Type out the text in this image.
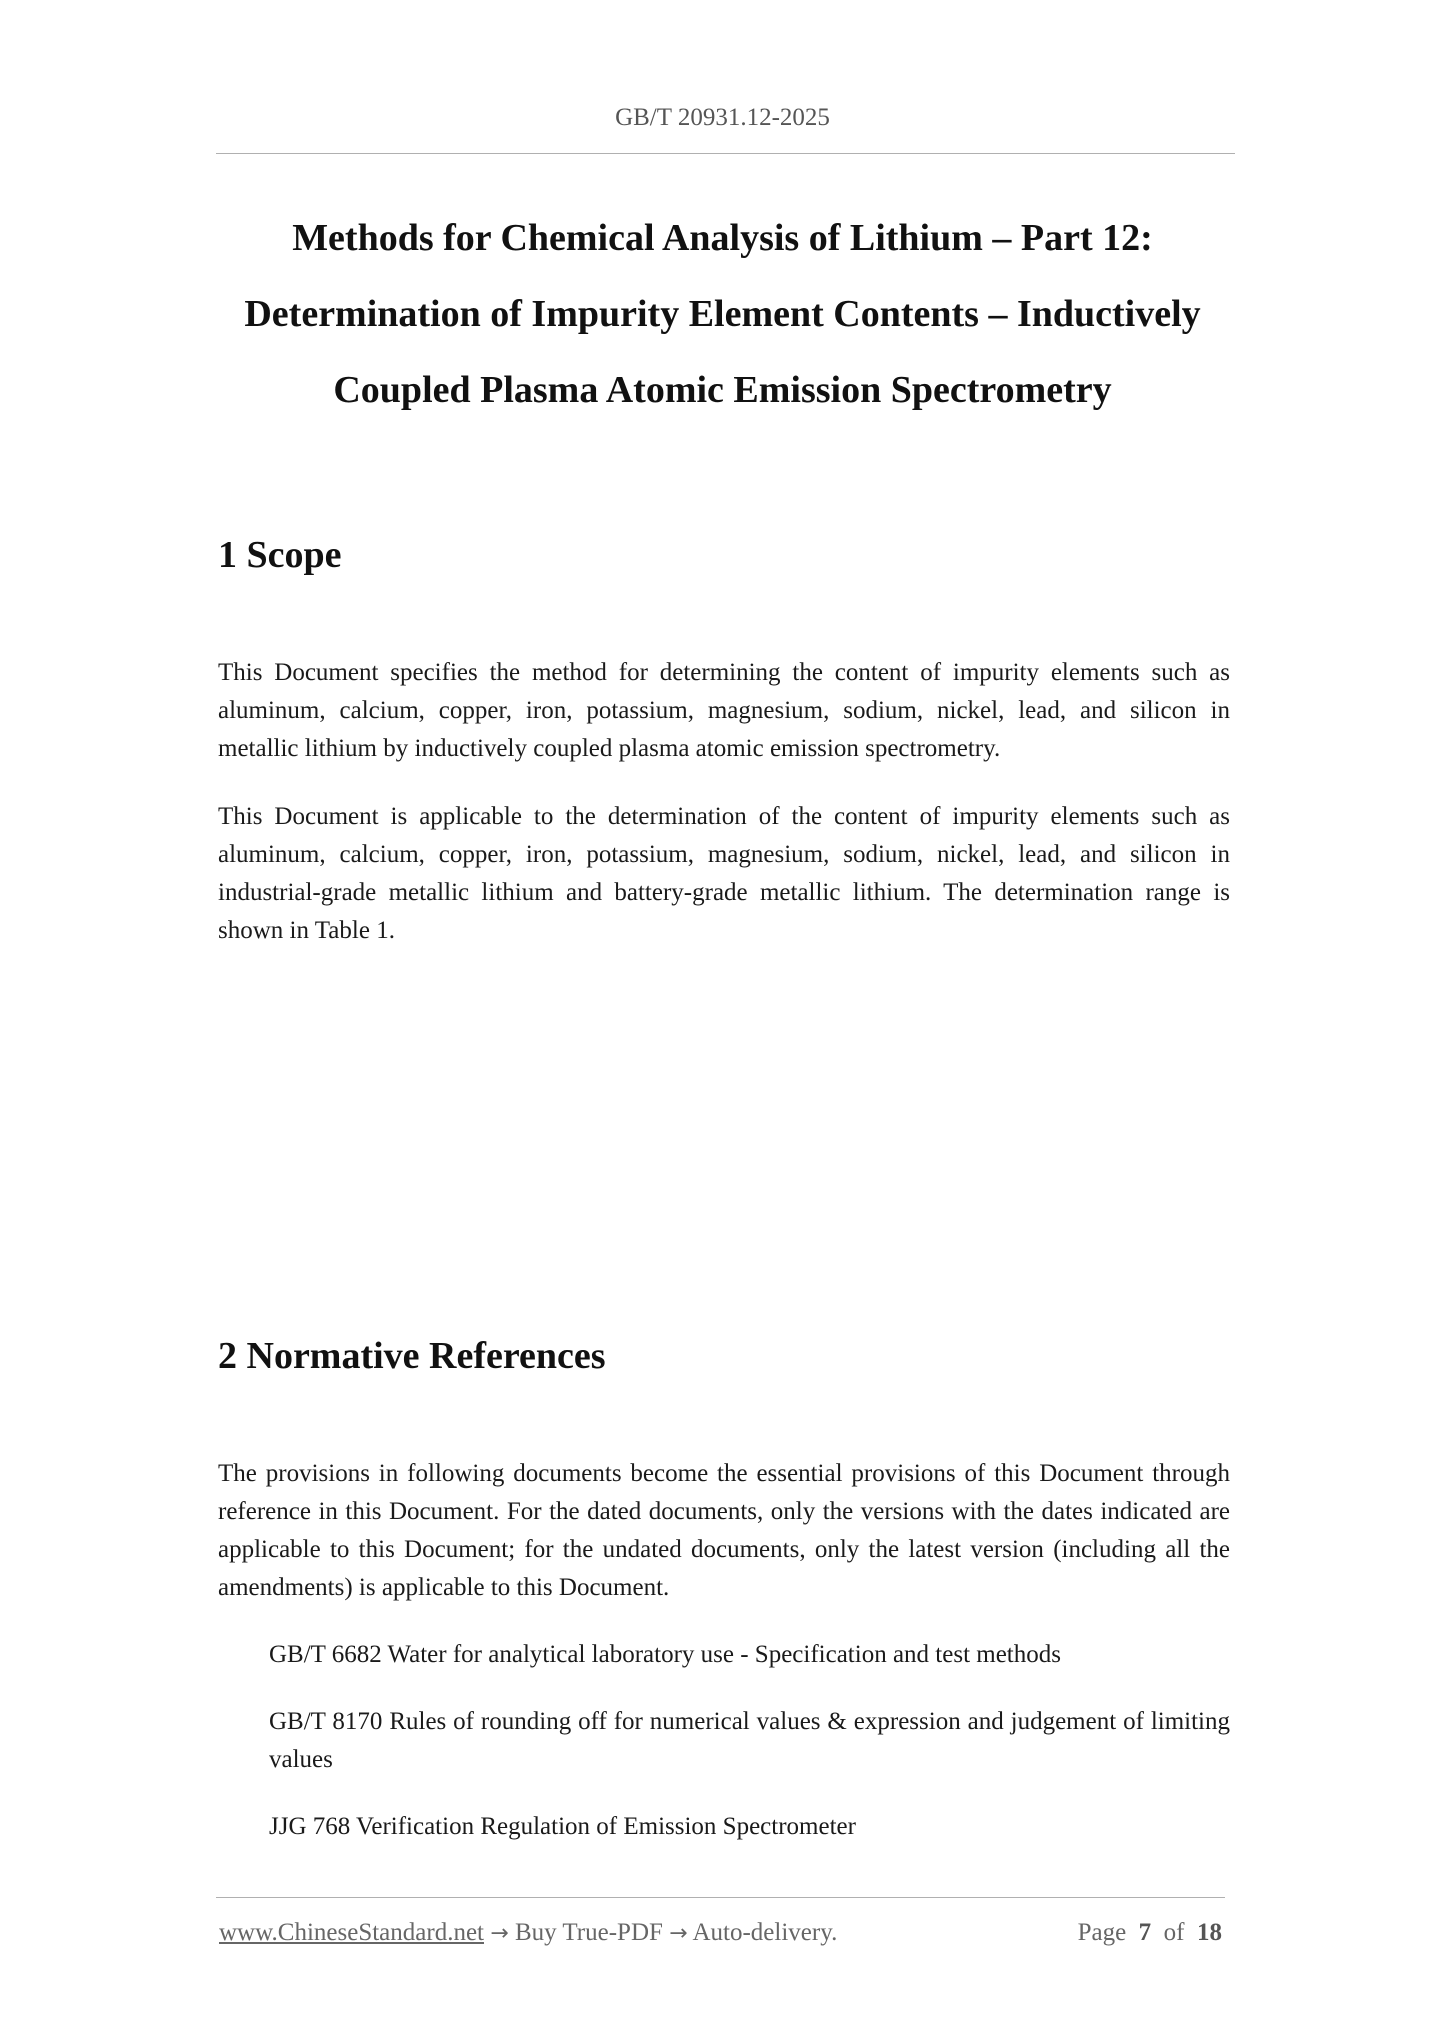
GB/T 20931.12-2025
Methods for Chemical Analysis of Lithium – Part 12:
Determination of Impurity Element Contents – Inductively
Coupled Plasma Atomic Emission Spectrometry
1 Scope
This Document specifies the method for determining the content of impurity elements such as aluminum, calcium, copper, iron, potassium, magnesium, sodium, nickel, lead, and silicon in metallic lithium by inductively coupled plasma atomic emission spectrometry.
This Document is applicable to the determination of the content of impurity elements such as aluminum, calcium, copper, iron, potassium, magnesium, sodium, nickel, lead, and silicon in industrial-grade metallic lithium and battery-grade metallic lithium. The determination range is shown in Table 1.
2 Normative References
The provisions in following documents become the essential provisions of this Document through reference in this Document. For the dated documents, only the versions with the dates indicated are applicable to this Document; for the undated documents, only the latest version (including all the amendments) is applicable to this Document.
GB/T 6682 Water for analytical laboratory use - Specification and test methods
GB/T 8170 Rules of rounding off for numerical values & expression and judgement of limiting values
JJG 768 Verification Regulation of Emission Spectrometer
www.ChineseStandard.net → Buy True-PDF → Auto-delivery.	Page 7 of 18
